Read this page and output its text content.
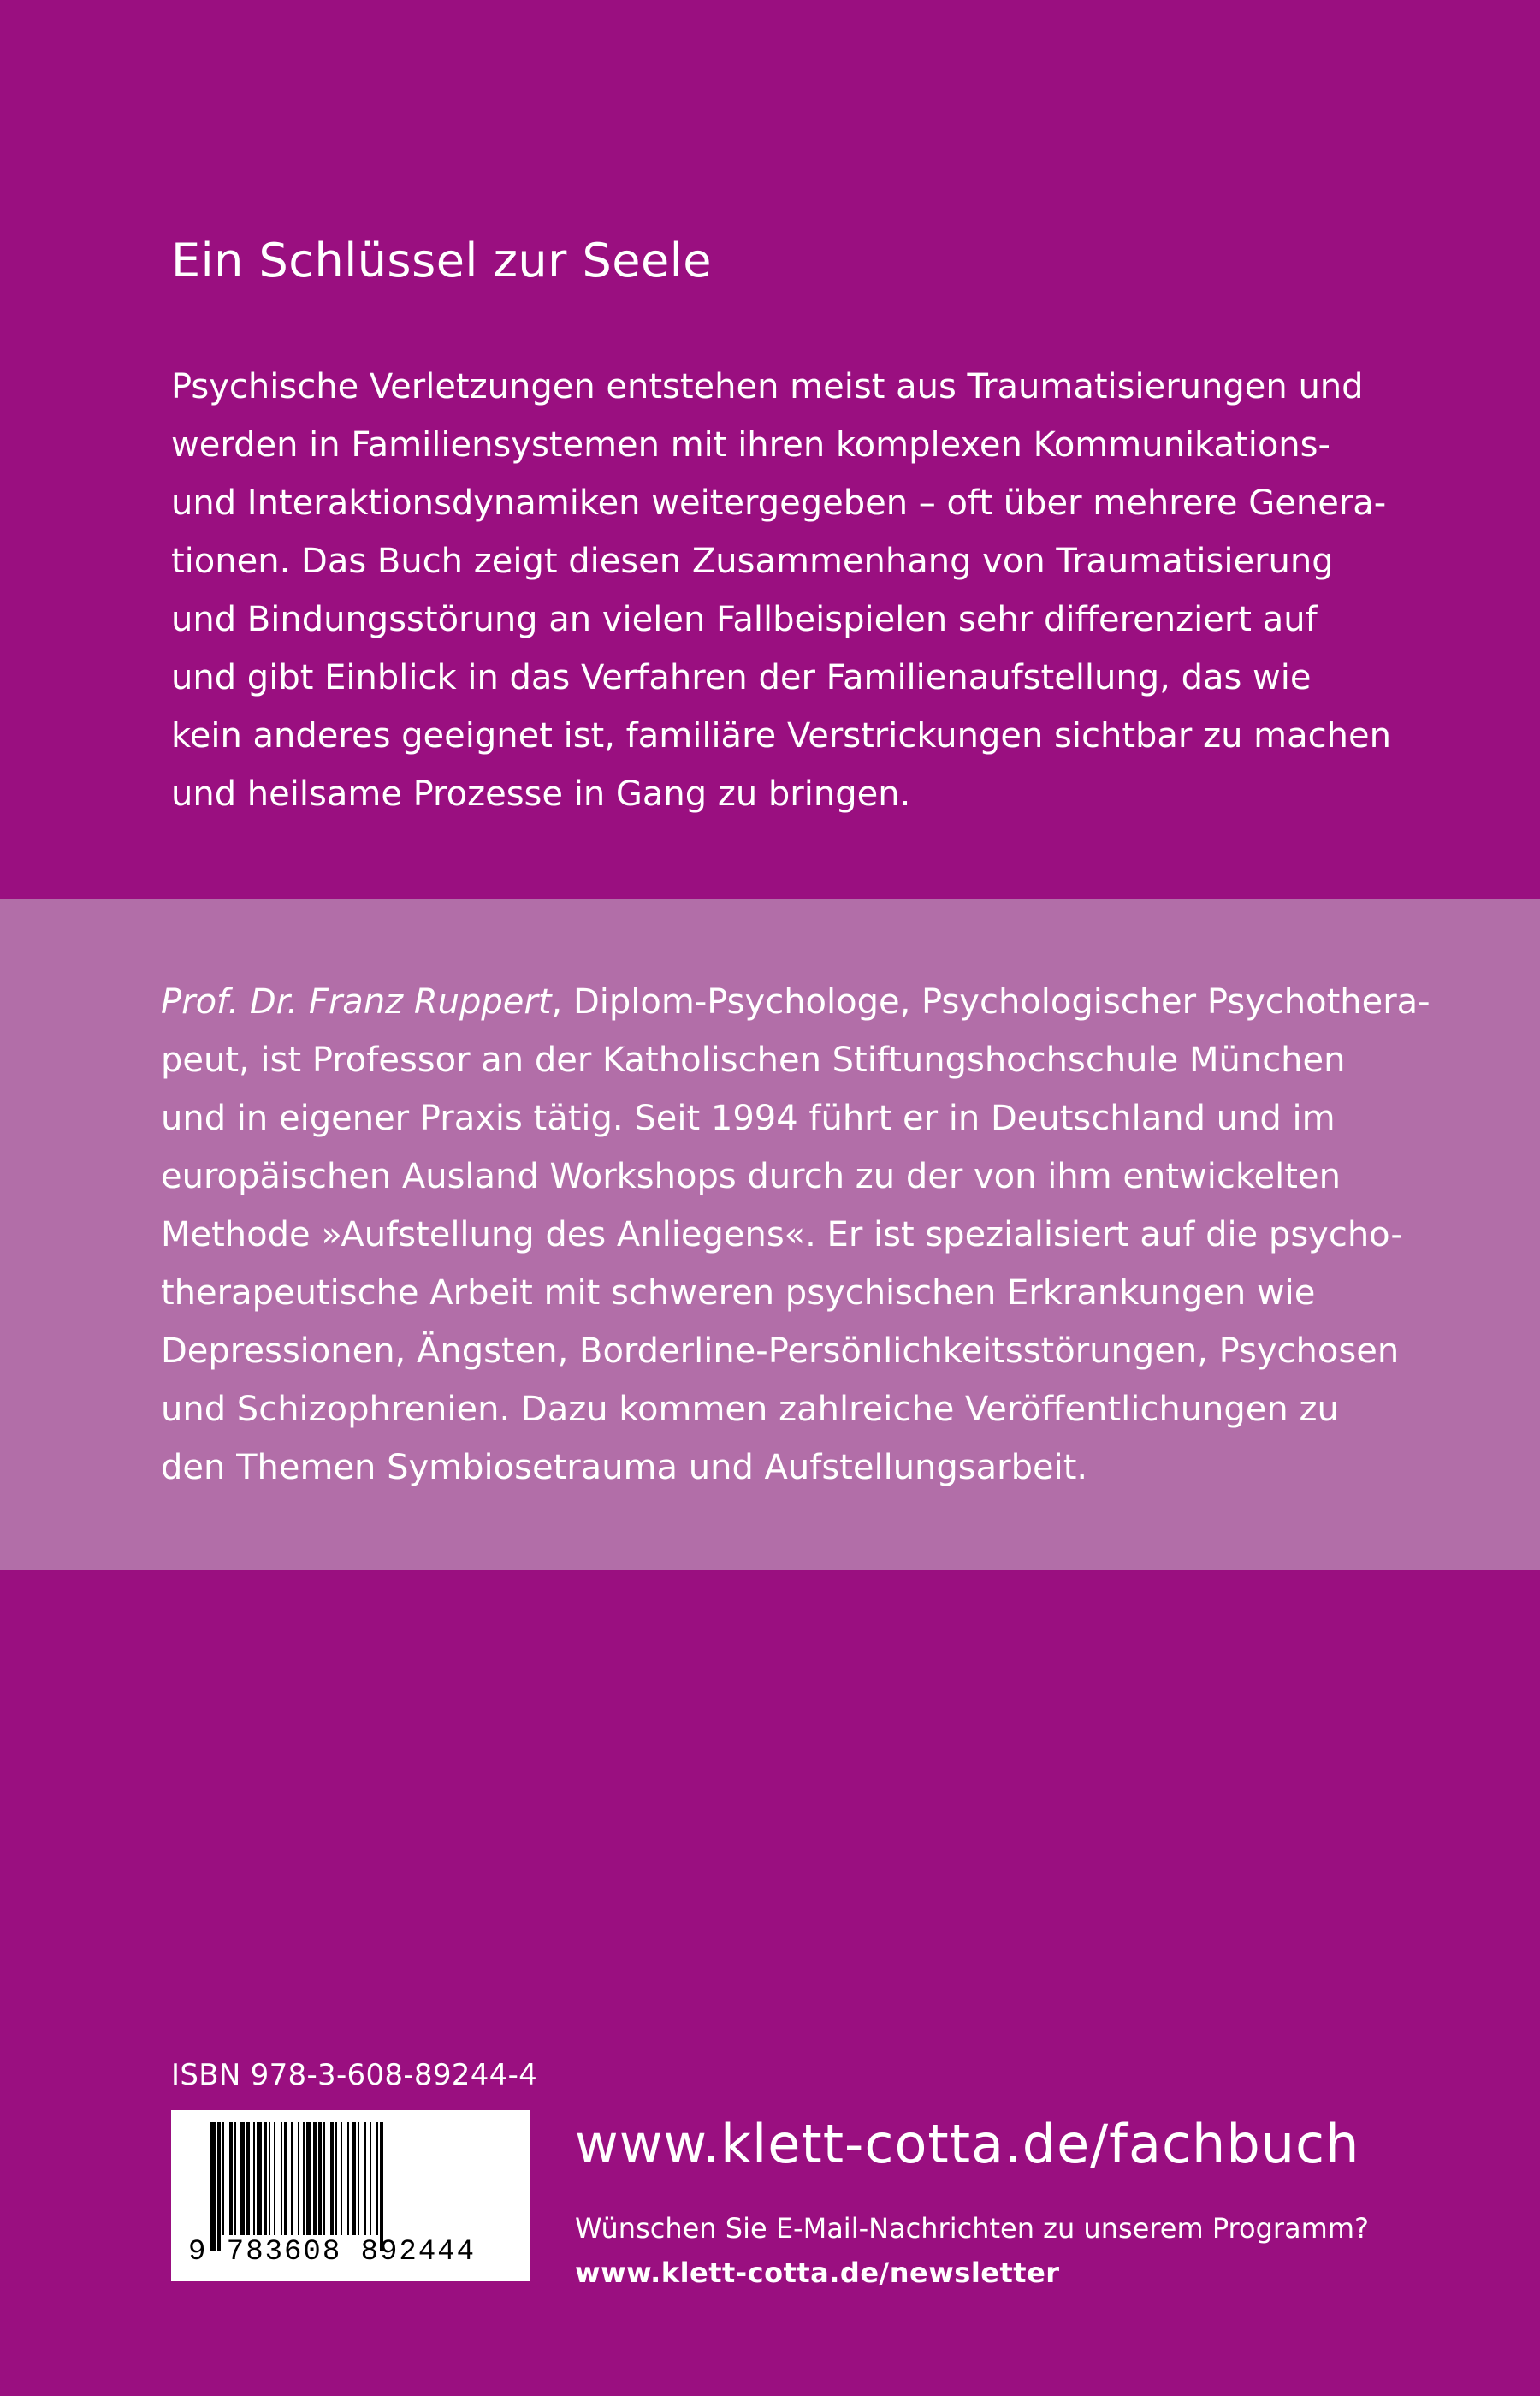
Ein Schlüssel zur Seele
Psychische Verletzungen entstehen meist aus Traumatisierungen und
werden in Familiensystemen mit ihren komplexen Kommunikations-
und Interaktionsdynamiken weitergegeben – oft über mehrere Genera-
tionen. Das Buch zeigt diesen Zusammenhang von Traumatisierung
und Bindungsstörung an vielen Fallbeispielen sehr differenziert auf
und gibt Einblick in das Verfahren der Familienaufstellung, das wie
kein anderes geeignet ist, familiäre Verstrickungen sichtbar zu machen
und heilsame Prozesse in Gang zu bringen.
Prof. Dr. Franz Ruppert, Diplom-Psychologe, Psychologischer Psychothera-
peut, ist Professor an der Katholischen Stiftungshochschule München
und in eigener Praxis tätig. Seit 1994 führt er in Deutschland und im
europäischen Ausland Workshops durch zu der von ihm entwickelten
Methode »Aufstellung des Anliegens«. Er ist spezialisiert auf die psycho-
therapeutische Arbeit mit schweren psychischen Erkrankungen wie
Depressionen, Ängsten, Borderline-Persönlichkeitsstörungen, Psychosen
und Schizophrenien. Dazu kommen zahlreiche Veröffentlichungen zu
den Themen Symbiosetrauma und Aufstellungsarbeit.
ISBN 978-3-608-89244-4
9 783608 892444
www.klett-cotta.de/fachbuch
Wünschen Sie E-Mail-Nachrichten zu unserem Programm?
www.klett-cotta.de/newsletter
